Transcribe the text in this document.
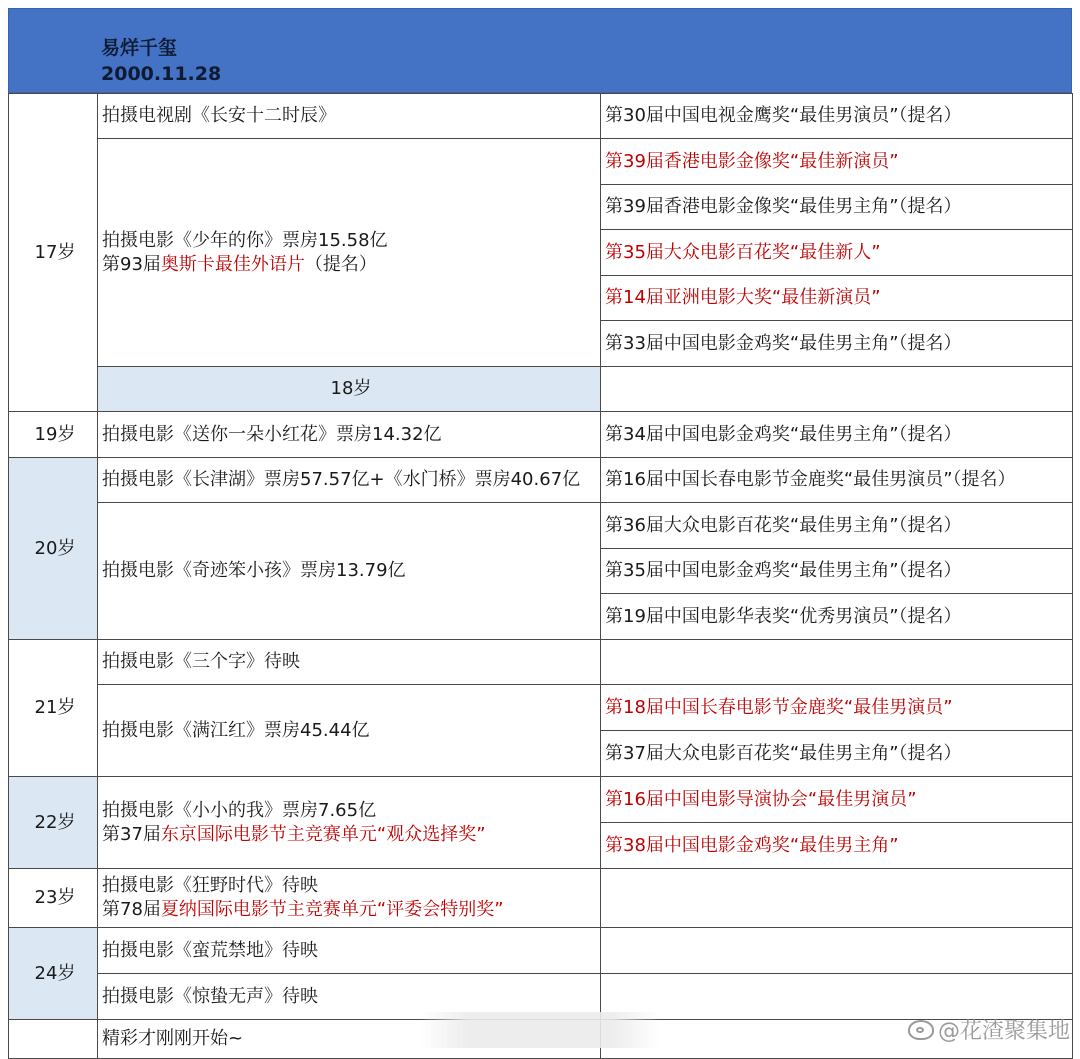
易烊千玺
2000.11.28
17岁	拍摄电视剧《长安十二时辰》	第30届中国电视金鹰奖“最佳男演员”（提名）	

	拍摄电影《少年的你》票房15.58亿
第93届奥斯卡最佳外语片（提名）	第39届香港电影金像奖“最佳新演员”	
		第39届香港电影金像奖“最佳男主角”（提名）	
		第35届大众电影百花奖“最佳新人”	
		第14届亚洲电影大奖“最佳新演员”	
		第33届中国电影金鸡奖“最佳男主角”（提名）	
	18岁		
19岁	拍摄电影《送你一朵小红花》票房14.32亿	第34届中国电影金鸡奖“最佳男主角”（提名）	
20岁	拍摄电影《长津湖》票房57.57亿+《水门桥》票房40.67亿	第16届中国长春电影节金鹿奖“最佳男演员”（提名）	
	拍摄电影《奇迹笨小孩》票房13.79亿	第36届大众电影百花奖“最佳男主角”（提名）	
		第35届中国电影金鸡奖“最佳男主角”（提名）	
		第19届中国电影华表奖“优秀男演员”（提名）	
21岁	拍摄电影《三个字》待映		
	拍摄电影《满江红》票房45.44亿	第18届中国长春电影节金鹿奖“最佳男演员”	
		第37届大众电影百花奖“最佳男主角”（提名）	
22岁	拍摄电影《小小的我》票房7.65亿
第37届东京国际电影节主竞赛单元“观众选择奖”	第16届中国电影导演协会“最佳男演员”	
		第38届中国电影金鸡奖“最佳男主角”	
23岁	拍摄电影《狂野时代》待映
第78届夏纳国际电影节主竞赛单元“评委会特别奖”		

24岁	拍摄电影《蛮荒禁地》待映		
	拍摄电影《惊蛰无声》待映		
	精彩才刚刚开始~			@花渣聚集地
